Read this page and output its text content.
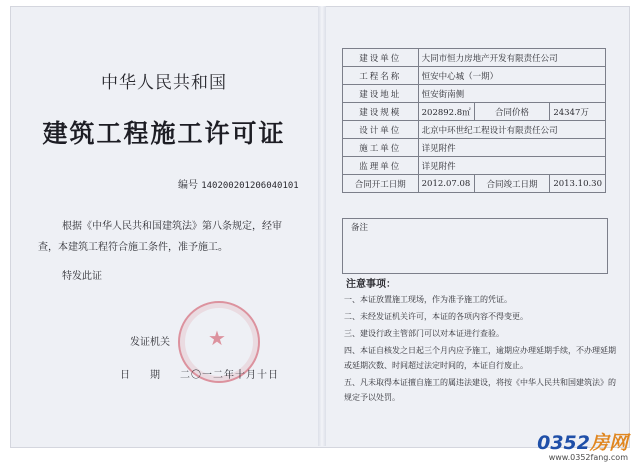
中华人民共和国
建筑工程施工许可证
编号 140200201206040101
根据《中华人民共和国建筑法》第八条规定，经审查，本建筑工程符合施工条件，准予施工。
特发此证
发证机关 ★
日　　期 二〇一二年十月十日
建设单位	大同市恒力房地产开发有限责任公司		
工程名称	恒安中心城（一期）		
建设地址	恒安街南侧		
建设规模	202892.8㎡	合同价格	24347万
设计单位	北京中环世纪工程设计有限责任公司		
施工单位	详见附件		
监理单位	详见附件		
合同开工日期	2012.07.08	合同竣工日期	2013.10.30
备注
注意事项：
一、本证放置施工现场，作为准予施工的凭证。
二、未经发证机关许可，本证的各项内容不得变更。
三、建设行政主管部门可以对本证进行查验。
四、本证自核发之日起三个月内应予施工，逾期应办理延期手续，不办理延期或延期次数、时间超过法定时间的，本证自行废止。
五、凡未取得本证擅自施工的属违法建设，将按《中华人民共和国建筑法》的规定予以处罚。
0352房网
www.0352fang.com
